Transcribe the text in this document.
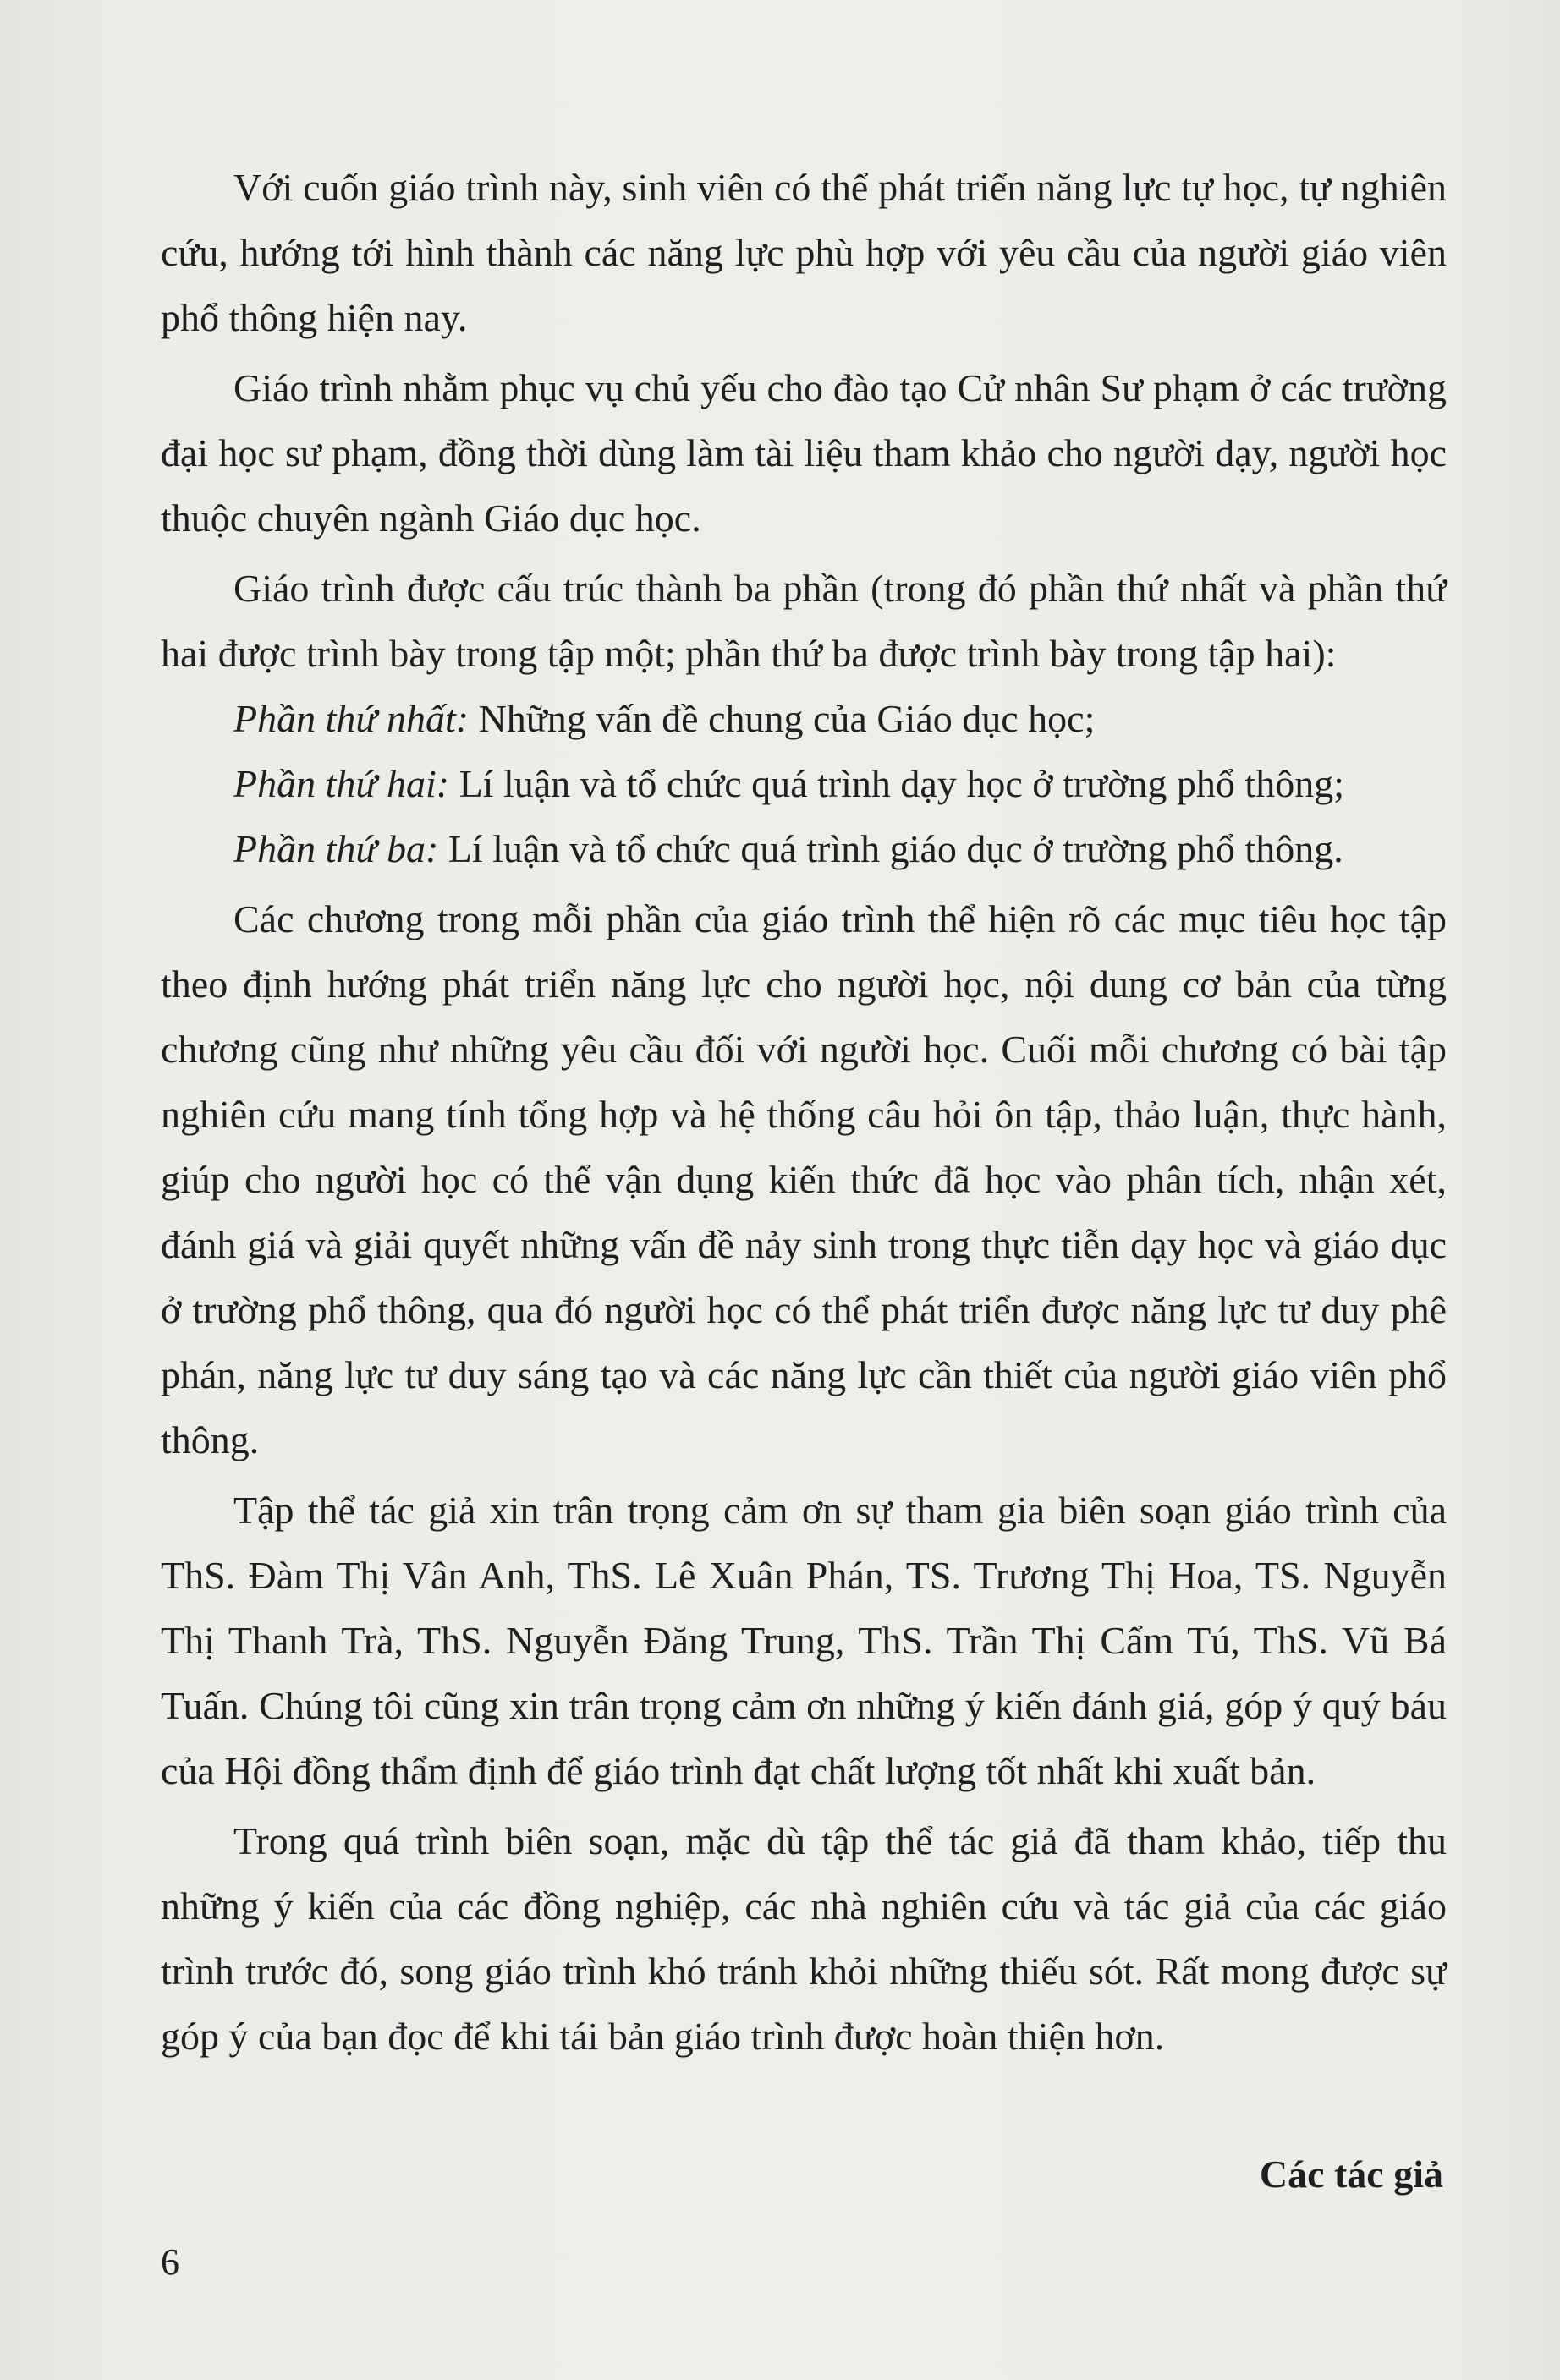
Với cuốn giáo trình này, sinh viên có thể phát triển năng lực tự học, tự nghiên cứu, hướng tới hình thành các năng lực phù hợp với yêu cầu của người giáo viên phổ thông hiện nay.

Giáo trình nhằm phục vụ chủ yếu cho đào tạo Cử nhân Sư phạm ở các trường đại học sư phạm, đồng thời dùng làm tài liệu tham khảo cho người dạy, người học thuộc chuyên ngành Giáo dục học.

Giáo trình được cấu trúc thành ba phần (trong đó phần thứ nhất và phần thứ hai được trình bày trong tập một; phần thứ ba được trình bày trong tập hai):

Phần thứ nhất: Những vấn đề chung của Giáo dục học;

Phần thứ hai: Lí luận và tổ chức quá trình dạy học ở trường phổ thông;

Phần thứ ba: Lí luận và tổ chức quá trình giáo dục ở trường phổ thông.

Các chương trong mỗi phần của giáo trình thể hiện rõ các mục tiêu học tập theo định hướng phát triển năng lực cho người học, nội dung cơ bản của từng chương cũng như những yêu cầu đối với người học. Cuối mỗi chương có bài tập nghiên cứu mang tính tổng hợp và hệ thống câu hỏi ôn tập, thảo luận, thực hành, giúp cho người học có thể vận dụng kiến thức đã học vào phân tích, nhận xét, đánh giá và giải quyết những vấn đề nảy sinh trong thực tiễn dạy học và giáo dục ở trường phổ thông, qua đó người học có thể phát triển được năng lực tư duy phê phán, năng lực tư duy sáng tạo và các năng lực cần thiết của người giáo viên phổ thông.

Tập thể tác giả xin trân trọng cảm ơn sự tham gia biên soạn giáo trình của ThS. Đàm Thị Vân Anh, ThS. Lê Xuân Phán, TS. Trương Thị Hoa, TS. Nguyễn Thị Thanh Trà, ThS. Nguyễn Đăng Trung, ThS. Trần Thị Cẩm Tú, ThS. Vũ Bá Tuấn. Chúng tôi cũng xin trân trọng cảm ơn những ý kiến đánh giá, góp ý quý báu của Hội đồng thẩm định để giáo trình đạt chất lượng tốt nhất khi xuất bản.

Trong quá trình biên soạn, mặc dù tập thể tác giả đã tham khảo, tiếp thu những ý kiến của các đồng nghiệp, các nhà nghiên cứu và tác giả của các giáo trình trước đó, song giáo trình khó tránh khỏi những thiếu sót. Rất mong được sự góp ý của bạn đọc để khi tái bản giáo trình được hoàn thiện hơn.

Các tác giả
6
